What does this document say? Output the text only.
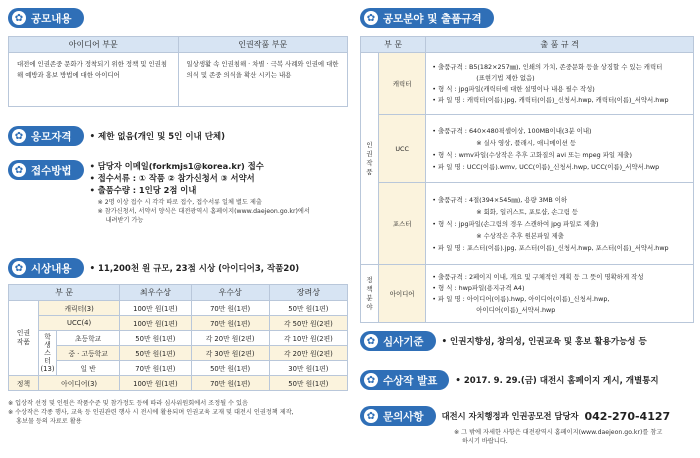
✿ 공모내용
아이디어 부문	인권작품 부문

대전에 인권존중 문화가 정착되기 위한 정책 및 인권침해 예방과 홍보 방법에 대한 아이디어	일상생활 속 인권침해 · 차별 · 극복 사례와 인권에 대한 의식 및 존중 의식을 확산 시키는 내용
✿ 응모자격	• 제한 없음(개인 및 5인 이내 단체)
✿ 접수방법 • 담당자 이메일(forkmjs1@korea.kr) 접수
• 접수서류 : ① 작품 ② 참가신청서 ③ 서약서
• 출품수량 : 1인당 2점 이내
※ 2명 이상 접수 시 각각 따로 접수, 접수서류 일체 별도 제출
※ 참가신청서, 서약서 양식은 대전광역시 홈페이지(www.daejeon.go.kr)에서
내려받기 가능
✿ 시상내용	• 11,200천 원 규모, 23점 시상 (아이디어3, 작품20)
부 문			최우수상	우수상	장려상
인권작품	캐릭터(3)		100만 원(1편)	70만 원(1편)	50만 원(1편)
	UCC(4)		100만 원(1편)	70만 원(1편)	각 50만 원(2편)

	학
생
스
터
(13)	초등학교	50만 원(1편)	각 20만 원(2편)	각 10만 원(2편)
		중 · 고등학교	50만 원(1편)	각 30만 원(2편)	각 20만 원(2편)
		일 반	70만 원(1편)	50만 원(1편)	30만 원(1편)
정책	아이디어(3)		100만 원(1편)	70만 원(1편)	50만 원(1편)
※ 입상작 선정 및 인원은 작품수준 및 참가정도 등에 따라 심사위원회에서 조정될 수 있음
※ 수상작은 각종 행사, 교육 등 인권관련 행사 시 전시에 활용되며 인권교육 교재 및 대전시 인권정책 제작,
홍보물 등의 자료로 활용
✿ 공모분야 및 출품규격
부 문		출 품 규 격
인권작품	캐릭터	• 출품규격 : B5(182×257㎜), 인쇄의 가치, 존중문화 등을 상징할 수 있는 캐릭터
(표현기법 제한 없음)
• 형 식 : jpg파일(캐릭터에 대한 설명이나 내용 필수 작성)
• 파 일 명 : 캐릭터(이름).jpg, 캐릭터(이름)_신청서.hwp, 캐릭터(이름)_서약서.hwp

	UCC	• 출품규격 : 640×480픽셀이상, 100MB이내(3분 이내)
※ 실사 영상, 플래시, 애니메이션 등
• 형 식 : wmv파일(수상작은 추후 고화질의 avi 또는 mpeg 파일 제출)
• 파 일 명 : UCC(이름).wmv, UCC(이름)_신청서.hwp, UCC(이름)_서약서.hwp

	포스터	• 출품규격 : 4절(394×545㎜), 용량 3MB 이하
※ 회화, 일러스트, 포토샵, 손그림 등
• 형 식 : jpg파일(손그림의 경우 스캔하여 jpg 파일로 제출)
※ 수상작은 추후 원본파일 제출
• 파 일 명 : 포스터(이름).jpg, 포스터(이름)_신청서.hwp, 포스터(이름)_서약서.hwp

정책분야	아이디어	• 출품규격 : 2페이지 이내, 개요 및 구체적인 계획 등 그 뜻이 명확하게 작성
• 형 식 : hwp파일(용지규격 A4)
• 파 일 명 : 아이디어(이름).hwp, 아이디어(이름)_신청서.hwp,
아이디어(이름)_서약서.hwp
✿ 심사기준	• 인권지향성, 창의성, 인권교육 및 홍보 활용가능성 등
✿ 수상작 발표	• 2017. 9. 29.(금) 대전시 홈페이지 게시, 개별통지
✿ 문의사항 대전시 자치행정과 인권공모전 담당자 042-270-4127
※ 그 밖에 자세한 사항은 대전광역시 홈페이지(www.daejeon.go.kr)를 참고
하시기 바랍니다.
